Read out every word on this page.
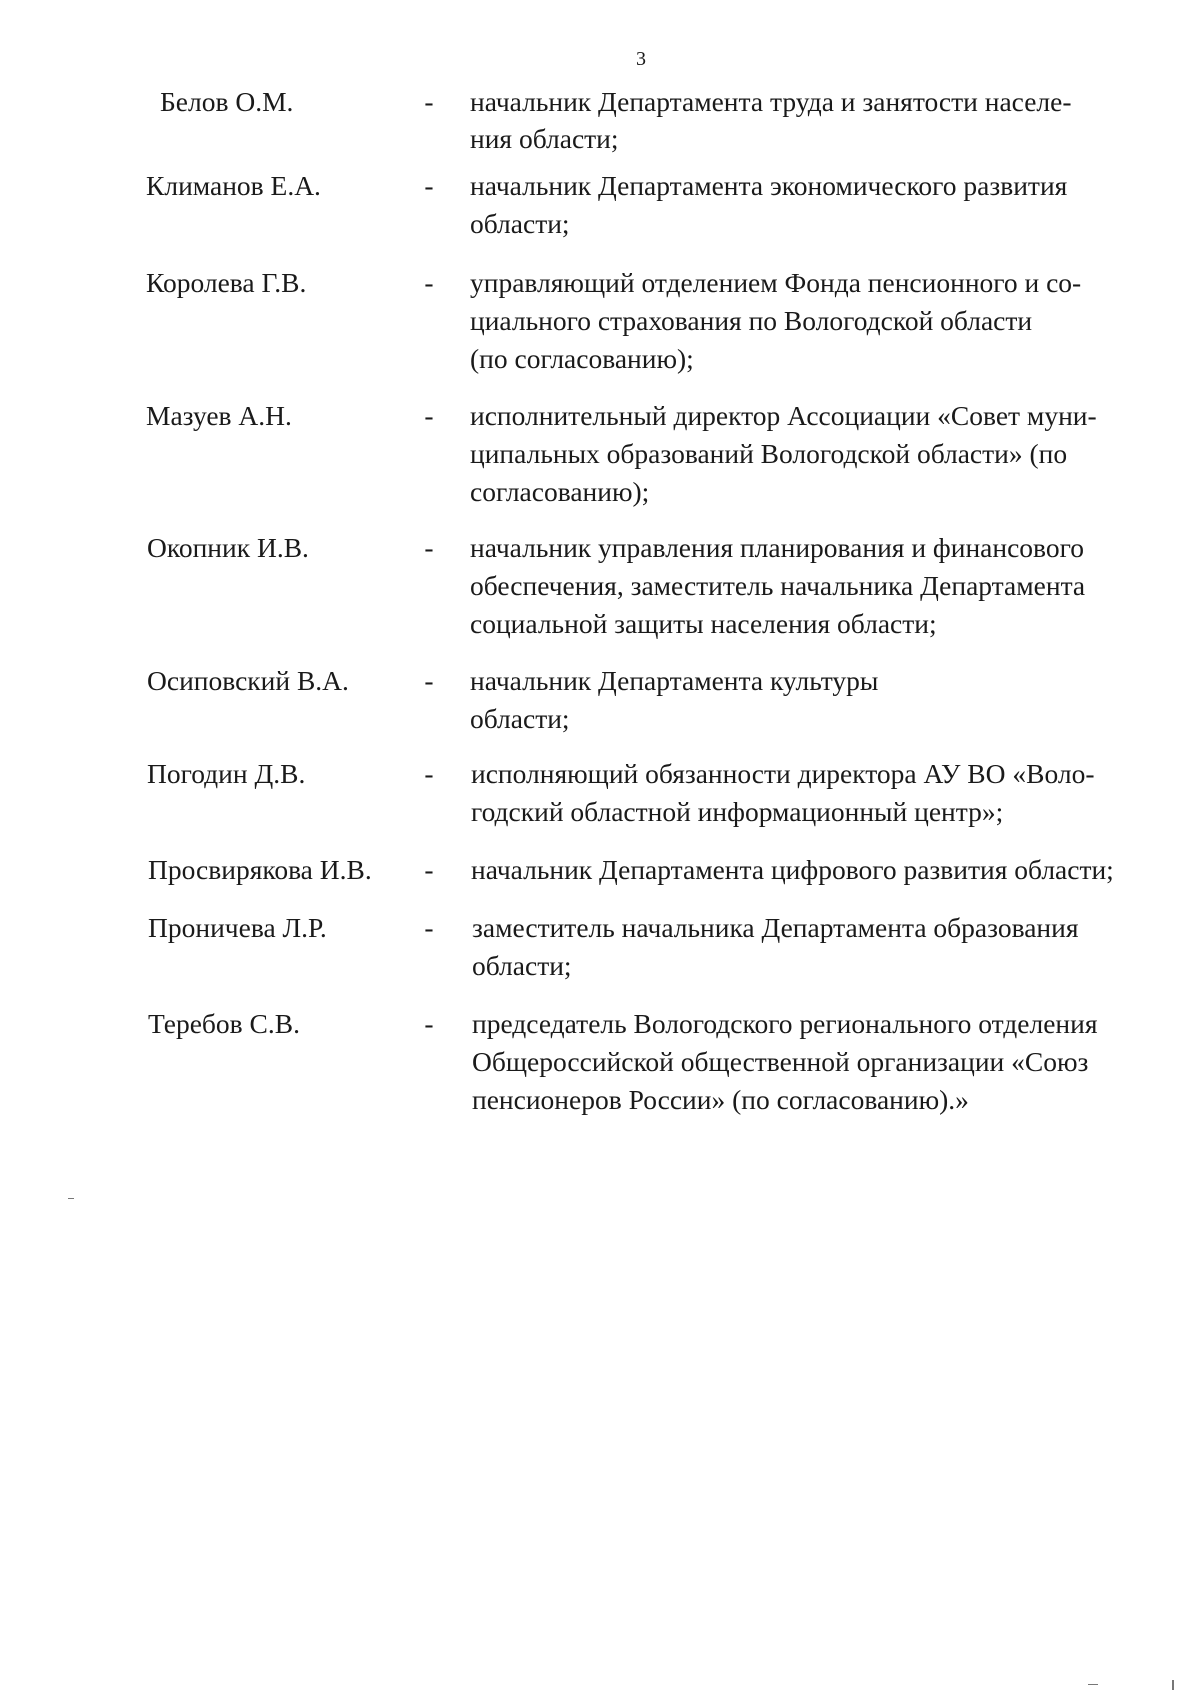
3
Белов О.М.	- начальник Департамента труда и занятости населе-
ния области;
Климанов Е.А.	- начальник Департамента экономического развития
области;
Королева Г.В.	- управляющий отделением Фонда пенсионного и со-
циального страхования по Вологодской области
(по согласованию);
Мазуев А.Н.	- исполнительный директор Ассоциации «Совет муни-
ципальных образований Вологодской области» (по
согласованию);
Окопник И.В.	- начальник управления планирования и финансового
обеспечения, заместитель начальника Департамента
социальной защиты населения области;
Осиповский В.А.	- начальник Департамента культуры
области;
Погодин Д.В.	- исполняющий обязанности директора АУ ВО «Воло-
годский областной информационный центр»;
Просвирякова И.В. - начальник Департамента цифрового развития области;
Проничева Л.Р.	- заместитель начальника Департамента образования
области;
Теребов С.В.	- председатель Вологодского регионального отделения
Общероссийской общественной организации «Союз
пенсионеров России» (по согласованию).»
